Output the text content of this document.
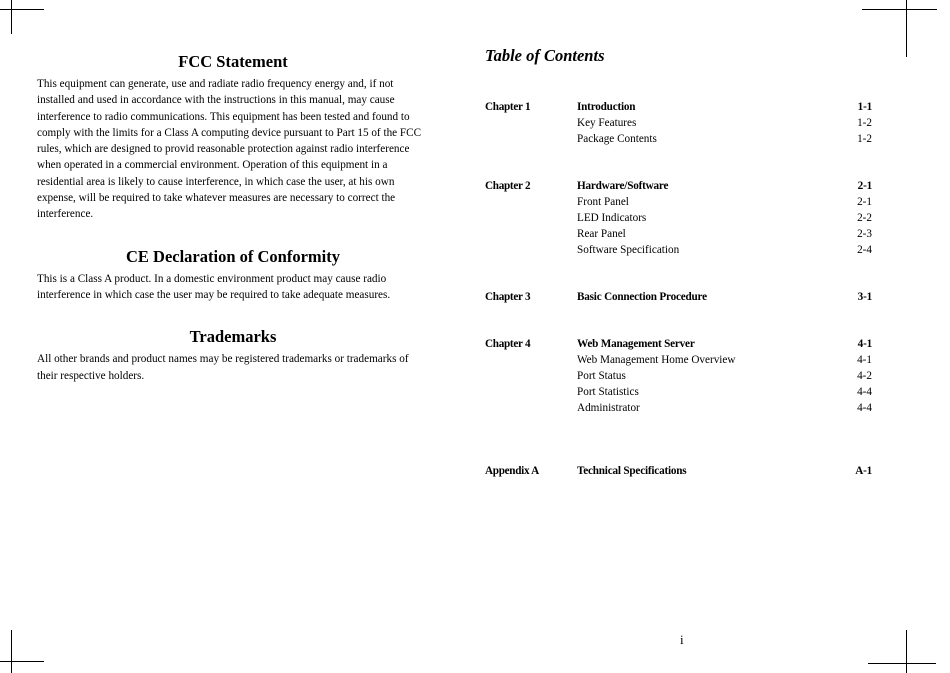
FCC Statement
This equipment can generate, use and radiate radio frequency energy and, if not
installed and used in accordance with the instructions in this manual, may cause
interference to radio communications. This equipment has been tested and found to
comply with the limits for a Class A computing device pursuant to Part 15 of the FCC
rules, which are designed to provid reasonable protection against radio interference
when operated in a commercial environment. Operation of this equipment in a
residential area is likely to cause interference, in which case the user, at his own
expense, will be required to take whatever measures are necessary to correct the
interference.
CE Declaration of Conformity
This is a Class A product. In a domestic environment product may cause radio
interference in which case the user may be required to take adequate measures.
Trademarks
All other brands and product names may be registered trademarks or trademarks of
their respective holders.
Table of Contents
Chapter 1	Introduction	1-1
Key Features	1-2
Package Contents	1-2
Chapter 2	Hardware/Software	2-1
Front Panel	2-1
LED Indicators	2-2
Rear Panel	2-3
Software Specification	2-4
Chapter 3	Basic Connection Procedure	3-1
Chapter 4	Web Management Server	4-1
Web Management Home Overview	4-1
Port Status	4-2
Port Statistics	4-4
Administrator	4-4
Appendix A	Technical Specifications	A-1
i
